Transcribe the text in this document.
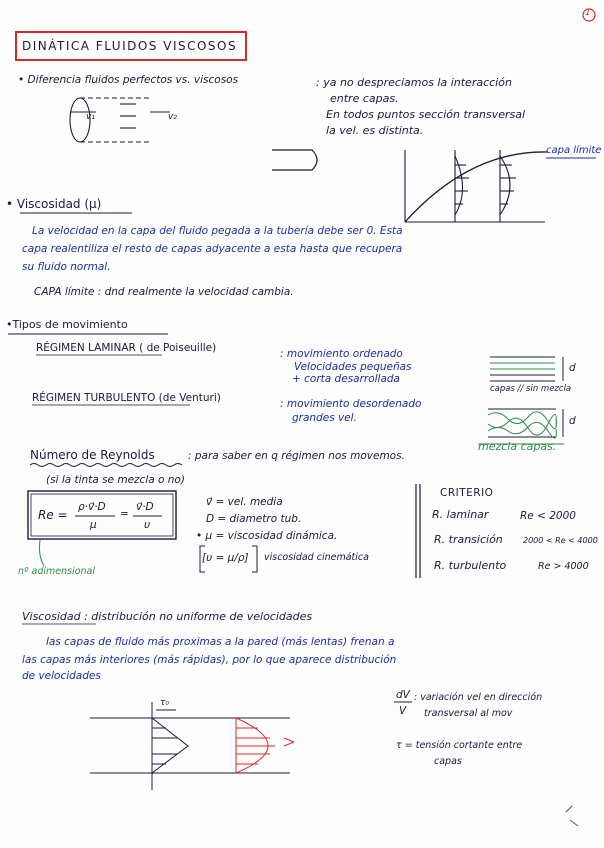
1
DINÁTICA FLUIDOS VISCOSOS
• Diferencia fluidos perfectos vs. viscosos	: ya no despreciamos la interacción
entre capas.
En todos puntos sección transversal
la vel. es distinta.
v₁	v₂
capa límite
• Viscosidad (μ)
La velocidad en la capa del fluido pegada a la tubería debe ser 0. Esta
capa realentiliza el resto de capas adyacente a esta hasta que recupera
su fluido normal.
CAPA límite : dnd realmente la velocidad cambia.
•Tipos de movimiento
RÉGIMEN LAMINAR ( de Poiseuille)	: movimiento ordenado
Velocidades pequeñas
+ corta desarrollada
RÉGIMEN TURBULENTO (de Venturi)	: movimiento desordenado
grandes vel.
capas // sin mezcla
mezcla capas.
d
d
Número de Reynolds	: para saber en q régimen nos movemos.
(si la tinta se mezcla o no)
Re =
ρ·v⃗·D
μ
=
v⃗·D
υ
nº adimensional
v⃗ = vel. media
D = diametro tub.
• μ = viscosidad dinámica.
[υ = μ/ρ] viscosidad cinemática
CRITERIO
R. laminar	Re < 2000
R. transición	2000 < Re < 4000
R. turbulento	Re > 4000
Viscosidad : distribución no uniforme de velocidades
las capas de fluido más proximas a la pared (más lentas) frenan a
las capas más interiores (más rápidas), por lo que aparece distribución
de velocidades
dV
V
: variación vel en dirección
transversal al mov
τ = tensión cortante entre
capas
τ₀
